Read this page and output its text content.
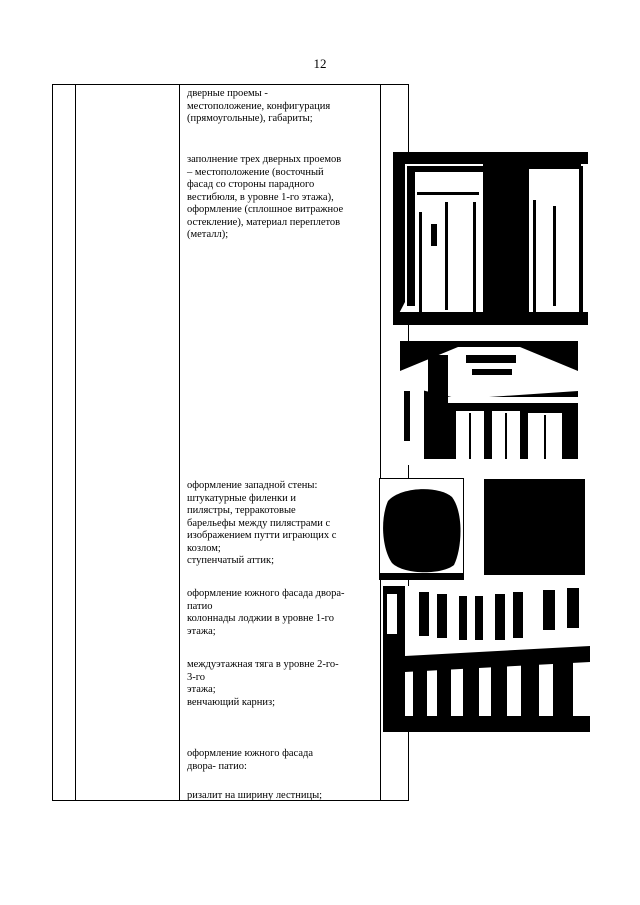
12
дверные проемы -
местоположение, конфигурация
(прямоугольные), габариты;
заполнение трех дверных проемов
– местоположение (восточный
фасад со стороны парадного
вестибюля, в уровне 1-го этажа),
оформление (сплошное витражное
остекление), материал переплетов
(металл);
оформление западной стены:
штукатурные филенки и
пилястры, терракотовые
барельефы между пилястрами с
изображением путти играющих с
козлом;
ступенчатый аттик;
оформление южного фасада двора-
патио
колоннады лоджии в уровне 1-го
этажа;
междуэтажная тяга в уровне 2-го-
3-го
этажа;
венчающий карниз;
оформление южного фасада
двора- патио:
ризалит на ширину лестницы;
